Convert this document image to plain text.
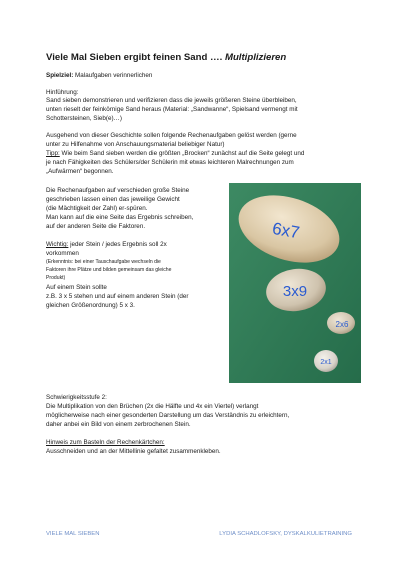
Viele Mal Sieben ergibt feinen Sand …. Multiplizieren
Spielziel: Malaufgaben verinnerlichen
Hinführung:
Sand sieben demonstrieren und verifizieren dass die jeweils größeren Steine überbleiben,
unten rieselt der feinkörnige Sand heraus (Material: „Sandwanne“, Spielsand vermengt mit
Schottersteinen, Sieb(e)…)
Ausgehend von dieser Geschichte sollen folgende Rechenaufgaben gelöst werden (gerne
unter zu Hilfenahme von Anschauungsmaterial beliebiger Natur)
Tipp: Wie beim Sand sieben werden die größten „Brocken“ zunächst auf die Seite gelegt und
je nach Fähigkeiten des Schülers/der Schülerin mit etwas leichteren Malrechnungen zum
„Aufwärmen“ begonnen.
Die Rechenaufgaben auf verschieden große Steine
geschrieben lassen einen das jeweilige Gewicht
(die Mächtigkeit der Zahl) er-spüren.
Man kann auf die eine Seite das Ergebnis schreiben,
auf der anderen Seite die Faktoren.
Wichtig: jeder Stein / jedes Ergebnis soll 2x
vorkommen
(Erkenntnis: bei einer Tauschaufgabe wechseln die
Faktoren ihre Plätze und bilden gemeinsam das gleiche
Produkt)
Auf einem Stein sollte
z.B. 3 x 5 stehen und auf einem anderen Stein (der
gleichen Größenordnung) 5 x 3.
6x7
3x9
2x6
2x1
Schwierigkeitsstufe 2:
Die Multiplikation von den Brüchen (2x die Hälfte und 4x ein Viertel) verlangt
möglicherweise nach einer gesonderten Darstellung um das Verständnis zu erleichtern,
daher anbei ein Bild von einem zerbrochenen Stein.
Hinweis zum Basteln der Rechenkärtchen:
Ausschneiden und an der Mittellinie gefaltet zusammenkleben.
VIELE MAL SIEBEN	LYDIA SCHADLOFSKY, DYSKALKULIETRAINING
